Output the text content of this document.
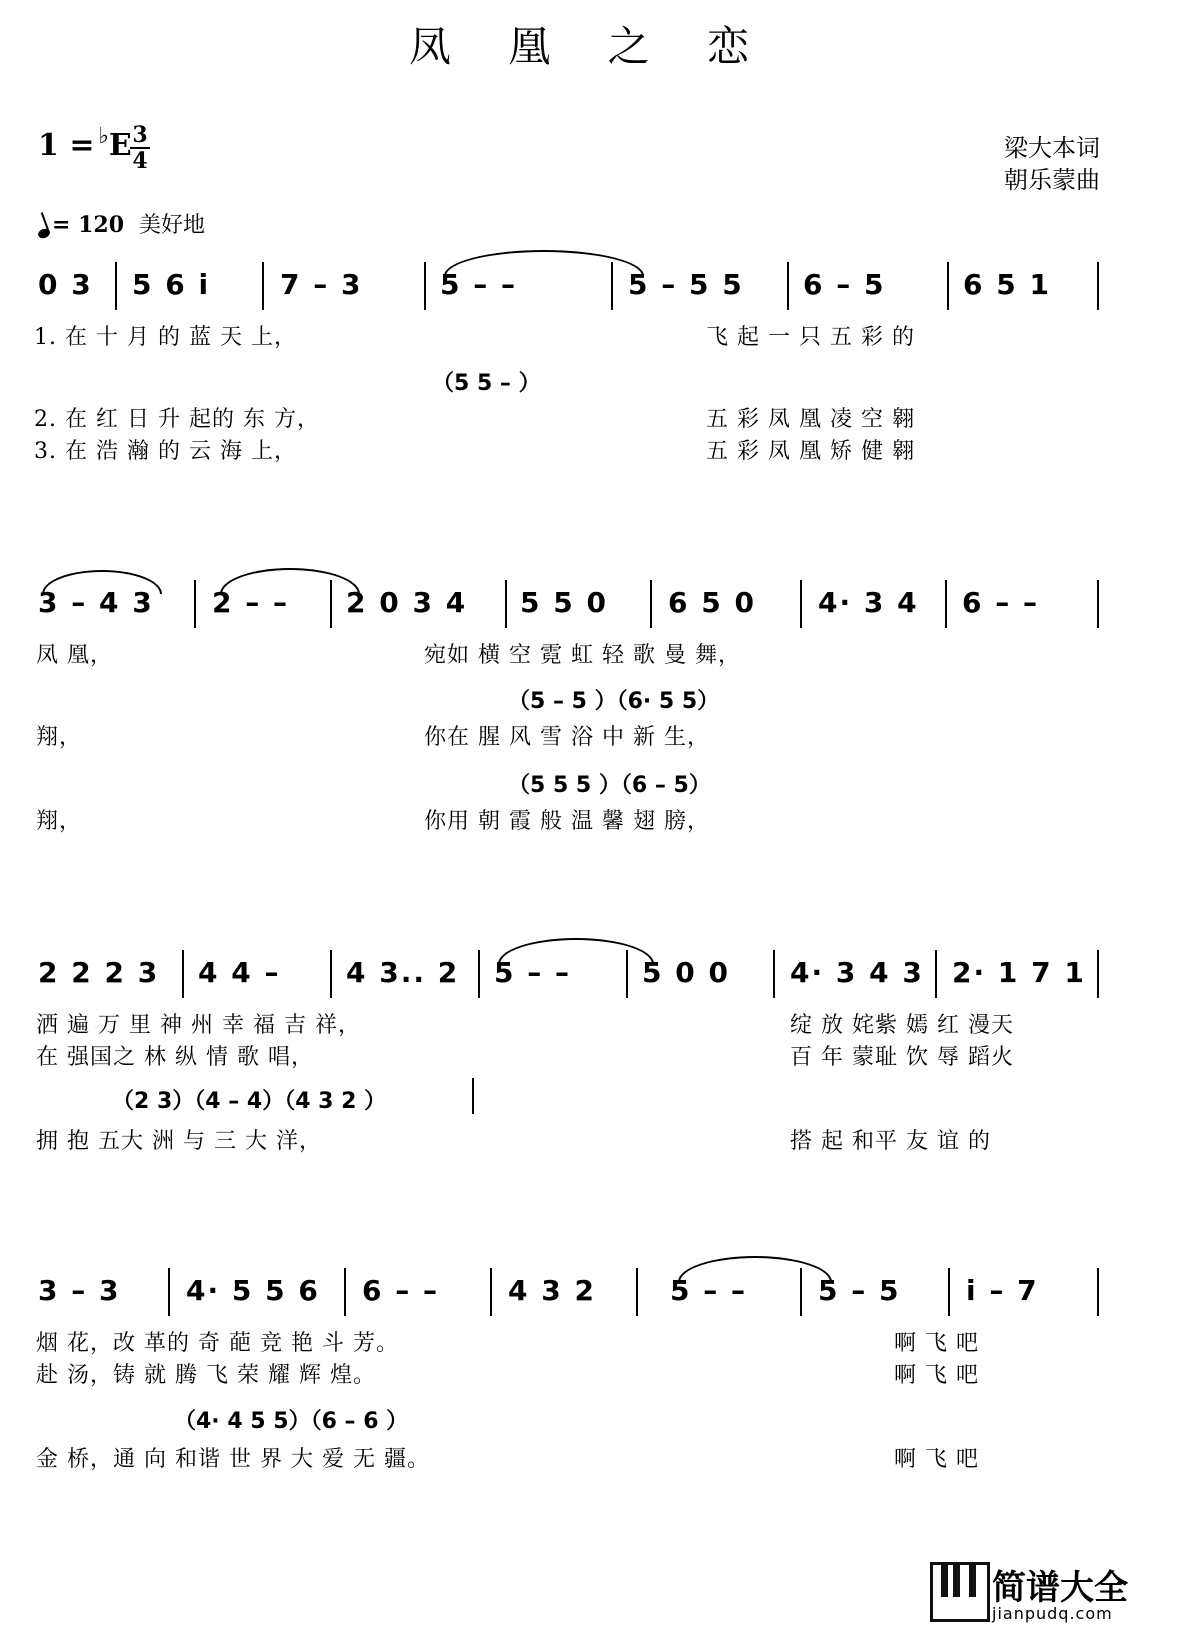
凤 凰 之 恋
1 = ♭E 3
4	梁大本词
朝乐蒙曲
= 120 美好地
0 3 5 6 i 7 – 3	5 – –	5 – 5 5 6 – 5	6 5 1
1. 在 十 月 的 蓝 天 上，	飞 起 一 只 五 彩 的
（5 5 – ）
2. 在 红 日 升 起的 东 方，	五 彩 凤 凰 凌 空 翱
3. 在 浩 瀚 的 云 海 上，	五 彩 凤 凰 矫 健 翱
3 – 4 3 2 – – 2 0 3 4 5 5 0 6 5 0 4· 3 4 6 – –
凤 凰，	宛如 横 空 霓 虹 轻 歌 曼 舞，
（5 – 5 ）（6· 5 5）
翔，	你在 腥 风 雪 浴 中 新 生，
（5 5 5 ）（6 – 5）
翔，	你用 朝 霞 般 温 馨 翅 膀，
2 2 2 3 4 4 – 4 3.. 2 5 – –	5 0 0 4· 3 4 3 2· 1 7 1
洒 遍 万 里 神 州 幸 福 吉 祥，	绽 放 姹紫 嫣 红 漫天
在 强国之 林 纵 情 歌 唱，	百 年 蒙耻 饮 辱 蹈火
（2 3）（4 – 4）（4 3 2 ）
拥 抱 五大 洲 与 三 大 洋，	搭 起 和平 友 谊 的
3 – 3 4· 5 5 6 6 – – 4 3 2	5 – –	5 – 5 i – 7
烟 花，改 革的 奇 葩 竞 艳 斗 芳。	啊 飞 吧
赴 汤，铸 就 腾 飞 荣 耀 辉 煌。	啊 飞 吧
（4· 4 5 5）（6 – 6 ）
金 桥，通 向 和谐 世 界 大 爱 无 疆。	啊 飞 吧
简谱大全
jianpudq.com
